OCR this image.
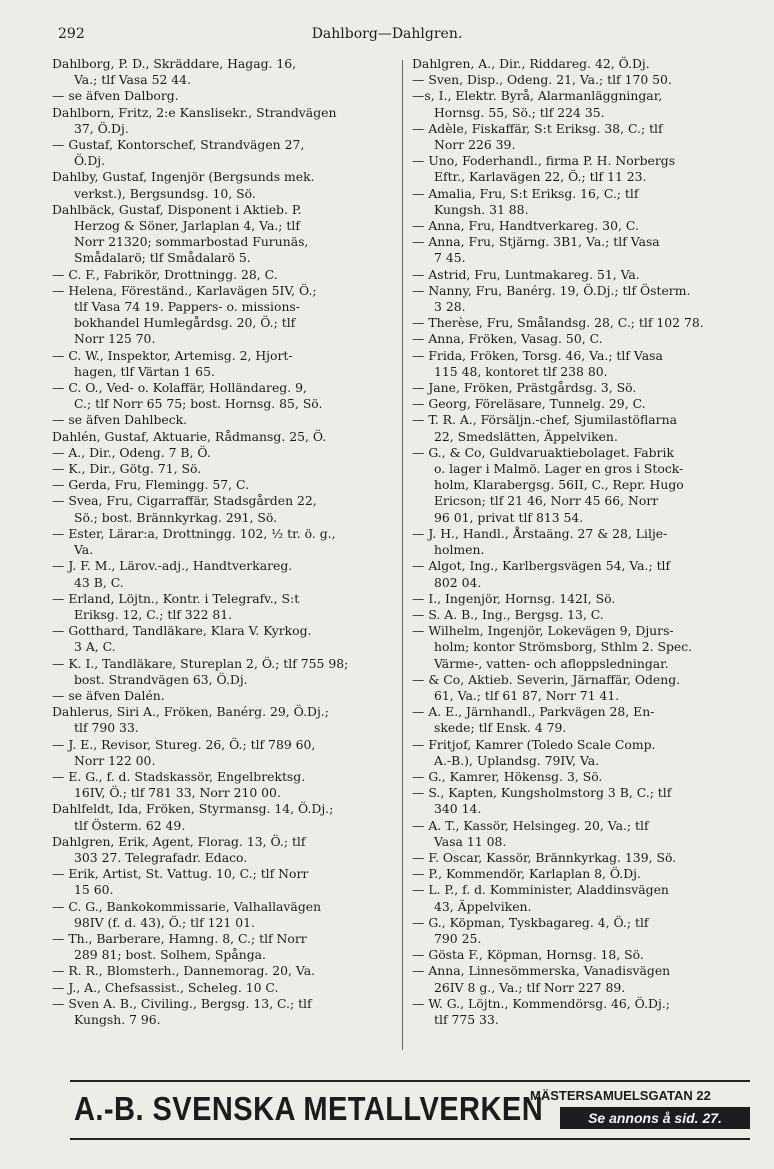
292	Dahlborg—Dahlgren.
Dahlborg, P. D., Skräddare, Hagag. 16,
Va.; tlf Vasa 52 44.
— se äfven Dalborg.
Dahlborn, Fritz, 2:e Kanslisekr., Strandvägen
37, Ö.Dj.
— Gustaf, Kontorschef, Strandvägen 27,
Ö.Dj.
Dahlby, Gustaf, Ingenjör (Bergsunds mek.
verkst.), Bergsundsg. 10, Sö.
Dahlbäck, Gustaf, Disponent i Aktieb. P.
Herzog & Söner, Jarlaplan 4, Va.; tlf
Norr 21320; sommarbostad Furunäs,
Smådalarö; tlf Smådalarö 5.
— C. F., Fabrikör, Drottningg. 28, C.
— Helena, Föreständ., Karlavägen 5IV, Ö.;
tlf Vasa 74 19. Pappers- o. missions-
bokhandel Humlegårdsg. 20, Ö.; tlf
Norr 125 70.
— C. W., Inspektor, Artemisg. 2, Hjort-
hagen, tlf Värtan 1 65.
— C. O., Ved- o. Kolaffär, Holländareg. 9,
C.; tlf Norr 65 75; bost. Hornsg. 85, Sö.
— se äfven Dahlbeck.
Dahlén, Gustaf, Aktuarie, Rådmansg. 25, Ö.
— A., Dir., Odeng. 7 B, Ö.
— K., Dir., Götg. 71, Sö.
— Gerda, Fru, Flemingg. 57, C.
— Svea, Fru, Cigarraffär, Stadsgården 22,
Sö.; bost. Brännkyrkag. 291, Sö.
— Ester, Lärar:a, Drottningg. 102, ½ tr. ö. g.,
Va.
— J. F. M., Lärov.-adj., Handtverkareg.
43 B, C.
— Erland, Löjtn., Kontr. i Telegrafv., S:t
Eriksg. 12, C.; tlf 322 81.
— Gotthard, Tandläkare, Klara V. Kyrkog.
3 A, C.
— K. I., Tandläkare, Stureplan 2, Ö.; tlf 755 98;
bost. Strandvägen 63, Ö.Dj.
— se äfven Dalén.
Dahlerus, Siri A., Fröken, Banérg. 29, Ö.Dj.;
tlf 790 33.
— J. E., Revisor, Stureg. 26, Ö.; tlf 789 60,
Norr 122 00.
— E. G., f. d. Stadskassör, Engelbrektsg.
16IV, Ö.; tlf 781 33, Norr 210 00.
Dahlfeldt, Ida, Fröken, Styrmansg. 14, Ö.Dj.;
tlf Österm. 62 49.
Dahlgren, Erik, Agent, Florag. 13, Ö.; tlf
303 27. Telegrafadr. Edaco.
— Erik, Artist, St. Vattug. 10, C.; tlf Norr
15 60.
— C. G., Bankokommissarie, Valhallavägen
98IV (f. d. 43), Ö.; tlf 121 01.
— Th., Barberare, Hamng. 8, C.; tlf Norr
289 81; bost. Solhem, Spånga.
— R. R., Blomsterh., Dannemorag. 20, Va.
— J., A., Chefsassist., Scheleg. 10 C.
— Sven A. B., Civiling., Bergsg. 13, C.; tlf
Kungsh. 7 96.
Dahlgren, A., Dir., Riddareg. 42, Ö.Dj.
— Sven, Disp., Odeng. 21, Va.; tlf 170 50.
—s, I., Elektr. Byrå, Alarmanläggningar,
Hornsg. 55, Sö.; tlf 224 35.
— Adèle, Fiskaffär, S:t Eriksg. 38, C.; tlf
Norr 226 39.
— Uno, Foderhandl., firma P. H. Norbergs
Eftr., Karlavägen 22, Ö.; tlf 11 23.
— Amalia, Fru, S:t Eriksg. 16, C.; tlf
Kungsh. 31 88.
— Anna, Fru, Handtverkareg. 30, C.
— Anna, Fru, Stjärng. 3B1, Va.; tlf Vasa
7 45.
— Astrid, Fru, Luntmakareg. 51, Va.
— Nanny, Fru, Banérg. 19, Ö.Dj.; tlf Österm.
3 28.
— Therèse, Fru, Smålandsg. 28, C.; tlf 102 78.
— Anna, Fröken, Vasag. 50, C.
— Frida, Fröken, Torsg. 46, Va.; tlf Vasa
115 48, kontoret tlf 238 80.
— Jane, Fröken, Prästgårdsg. 3, Sö.
— Georg, Föreläsare, Tunnelg. 29, C.
— T. R. A., Försäljn.-chef, Sjumilastöflarna
22, Smedslätten, Äppelviken.
— G., & Co, Guldvaruaktiebolaget. Fabrik
o. lager i Malmö. Lager en gros i Stock-
holm, Klarabergsg. 56II, C., Repr. Hugo
Ericson; tlf 21 46, Norr 45 66, Norr
96 01, privat tlf 813 54.
— J. H., Handl., Årstaäng. 27 & 28, Lilje-
holmen.
— Algot, Ing., Karlbergsvägen 54, Va.; tlf
802 04.
— I., Ingenjör, Hornsg. 142I, Sö.
— S. A. B., Ing., Bergsg. 13, C.
— Wilhelm, Ingenjör, Lokevägen 9, Djurs-
holm; kontor Strömsborg, Sthlm 2. Spec.
Värme-, vatten- och afloppsledningar.
— & Co, Aktieb. Severin, Järnaffär, Odeng.
61, Va.; tlf 61 87, Norr 71 41.
— A. E., Järnhandl., Parkvägen 28, En-
skede; tlf Ensk. 4 79.
— Fritjof, Kamrer (Toledo Scale Comp.
A.-B.), Uplandsg. 79IV, Va.
— G., Kamrer, Hökensg. 3, Sö.
— S., Kapten, Kungsholmstorg 3 B, C.; tlf
340 14.
— A. T., Kassör, Helsingeg. 20, Va.; tlf
Vasa 11 08.
— F. Oscar, Kassör, Brännkyrkag. 139, Sö.
— P., Kommendör, Karlaplan 8, Ö.Dj.
— L. P., f. d. Komminister, Aladdinsvägen
43, Äppelviken.
— G., Köpman, Tyskbagareg. 4, Ö.; tlf
790 25.
— Gösta F., Köpman, Hornsg. 18, Sö.
— Anna, Linnesömmerska, Vanadisvägen
26IV 8 g., Va.; tlf Norr 227 89.
— W. G., Löjtn., Kommendörsg. 46, Ö.Dj.;
tlf 775 33.
A.-B. SVENSKA METALLVERKEN
MÄSTERSAMUELSGATAN 22
Se annons å sid. 27.
